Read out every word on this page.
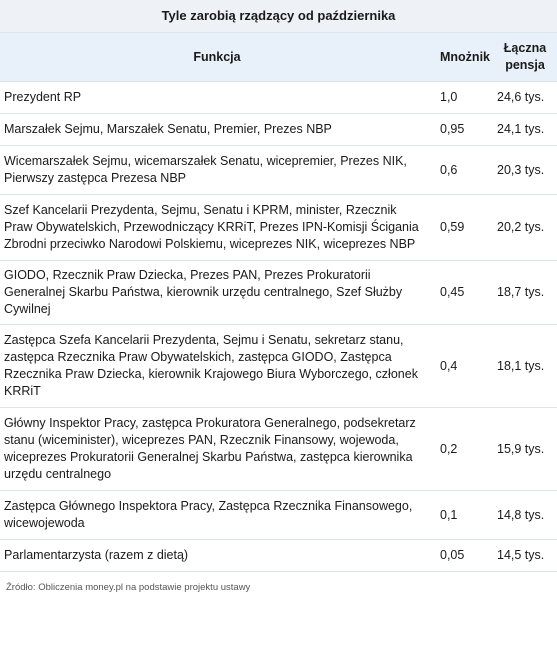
Tyle zarobią rządzący od października
Funkcja	Mnożnik	Łączna pensja
Prezydent RP	1,0	24,6 tys.
Marszałek Sejmu, Marszałek Senatu, Premier, Prezes NBP	0,95	24,1 tys.
Wicemarszałek Sejmu, wicemarszałek Senatu, wicepremier, Prezes NIK, Pierwszy zastępca Prezesa NBP	0,6	20,3 tys.
Szef Kancelarii Prezydenta, Sejmu, Senatu i KPRM, minister, Rzecznik Praw Obywatelskich, Przewodniczący KRRiT, Prezes IPN-Komisji Ścigania Zbrodni przeciwko Narodowi Polskiemu, wiceprezes NIK, wiceprezes NBP	0,59	20,2 tys.
GIODO, Rzecznik Praw Dziecka, Prezes PAN, Prezes Prokuratorii Generalnej Skarbu Państwa, kierownik urzędu centralnego, Szef Służby Cywilnej	0,45	18,7 tys.
Zastępca Szefa Kancelarii Prezydenta, Sejmu i Senatu, sekretarz stanu, zastępca Rzecznika Praw Obywatelskich, zastępca GIODO, Zastępca Rzecznika Praw Dziecka, kierownik Krajowego Biura Wyborczego, członek KRRiT	0,4	18,1 tys.
Główny Inspektor Pracy, zastępca Prokuratora Generalnego, podsekretarz stanu (wiceminister), wiceprezes PAN, Rzecznik Finansowy, wojewoda, wiceprezes Prokuratorii Generalnej Skarbu Państwa, zastępca kierownika urzędu centralnego	0,2	15,9 tys.
Zastępca Głównego Inspektora Pracy, Zastępca Rzecznika Finansowego, wicewojewoda	0,1	14,8 tys.
Parlamentarzysta (razem z dietą)	0,05	14,5 tys.
Źródło: Obliczenia money.pl na podstawie projektu ustawy
